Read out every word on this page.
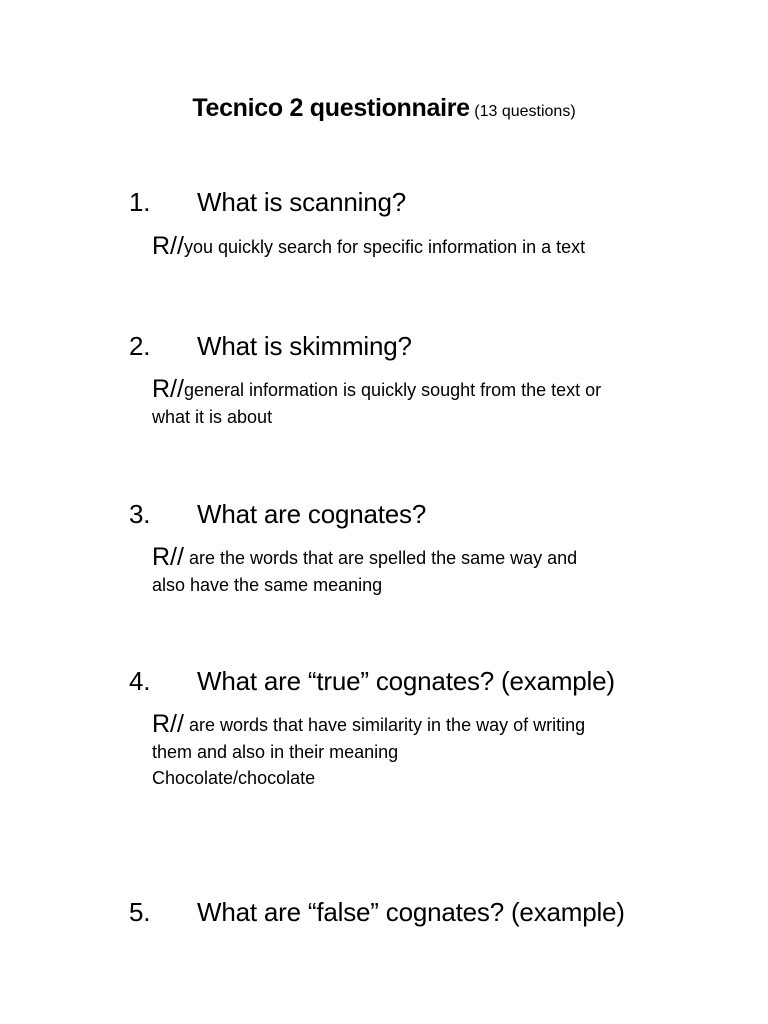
Tecnico 2 questionnaire (13 questions)
1. What is scanning?
R//you quickly search for specific information in a text
2. What is skimming?
R//general information is quickly sought from the text or
what it is about
3. What are cognates?
R// are the words that are spelled the same way and
also have the same meaning
4. What are “true” cognates? (example)
R// are words that have similarity in the way of writing
them and also in their meaning
Chocolate/chocolate
5. What are “false” cognates? (example)
